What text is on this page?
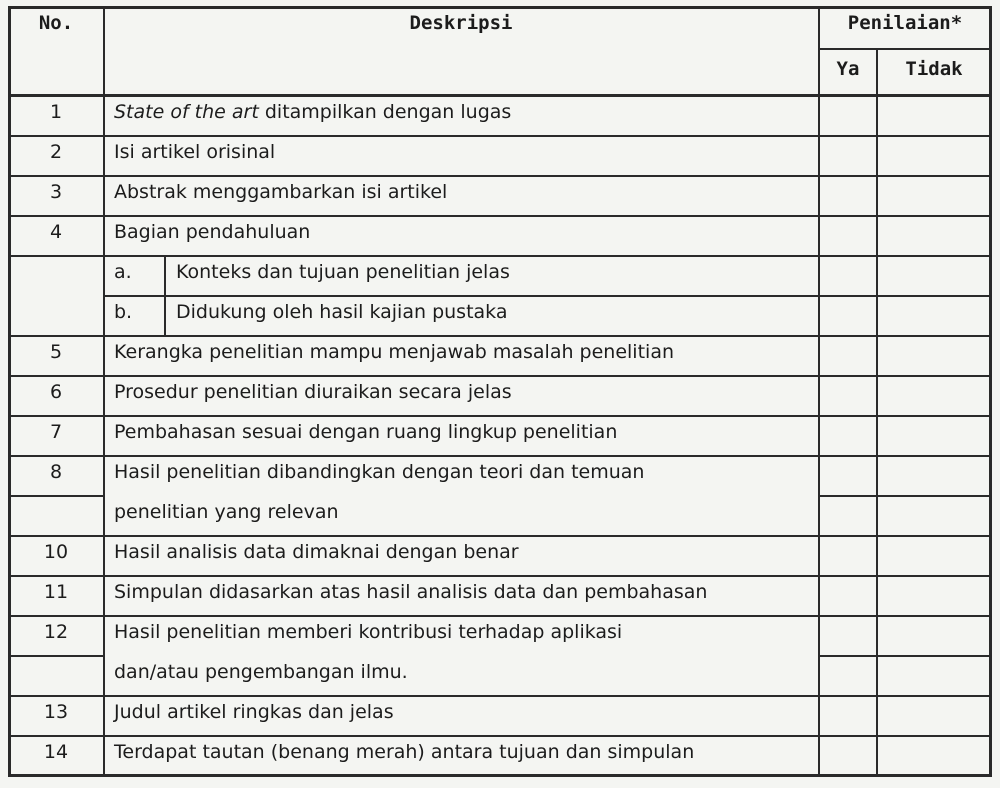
No.	Deskripsi	Penilaian*
Ya	Tidak
1	State of the art ditampilkan dengan lugas
2	Isi artikel orisinal
3	Abstrak menggambarkan isi artikel
4	Bagian pendahuluan
a. Konteks dan tujuan penelitian jelas
b. Didukung oleh hasil kajian pustaka
5	Kerangka penelitian mampu menjawab masalah penelitian
6	Prosedur penelitian diuraikan secara jelas
7	Pembahasan sesuai dengan ruang lingkup penelitian
8	Hasil penelitian dibandingkan dengan teori dan temuan
penelitian yang relevan
10	Hasil analisis data dimaknai dengan benar
11	Simpulan didasarkan atas hasil analisis data dan pembahasan
12	Hasil penelitian memberi kontribusi terhadap aplikasi
dan/atau pengembangan ilmu.
13	Judul artikel ringkas dan jelas
14	Terdapat tautan (benang merah) antara tujuan dan simpulan
